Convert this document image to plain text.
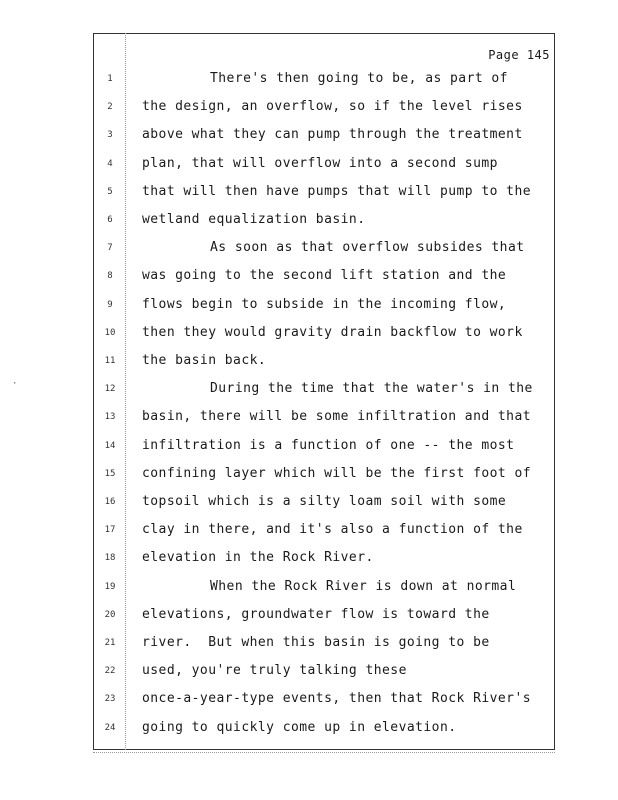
·
Page 145
1	There's then going to be, as part of
2	the design, an overflow, so if the level rises
3	above what they can pump through the treatment
4	plan, that will overflow into a second sump
5	that will then have pumps that will pump to the
6	wetland equalization basin.
7	As soon as that overflow subsides that
8	was going to the second lift station and the
9	flows begin to subside in the incoming flow,
10	then they would gravity drain backflow to work
11	the basin back.
12	During the time that the water's in the
13	basin, there will be some infiltration and that
14	infiltration is a function of one -- the most
15	confining layer which will be the first foot of
16	topsoil which is a silty loam soil with some
17	clay in there, and it's also a function of the
18	elevation in the Rock River.
19	When the Rock River is down at normal
20	elevations, groundwater flow is toward the
21	river.  But when this basin is going to be
22	used, you're truly talking these
23	once-a-year-type events, then that Rock River's
24	going to quickly come up in elevation.
